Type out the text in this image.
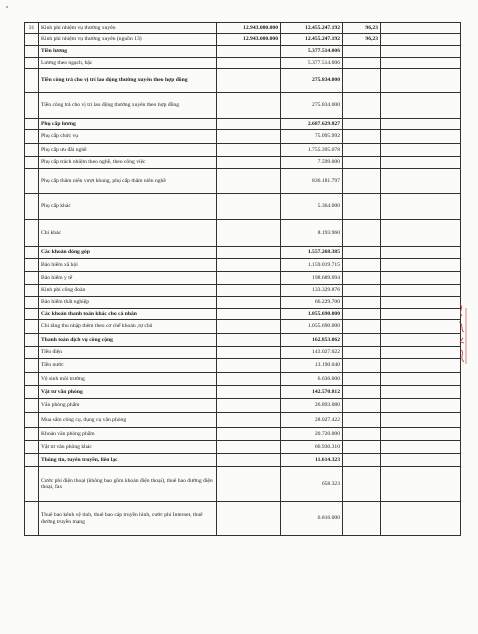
31	Kinh phí nhiệm vụ thường xuyên	12.943.000.000	12.455.247.192	96,23	
	Kinh phí nhiệm vụ thường xuyên (nguồn 13)	12.943.000.000	12.455.247.192	96,23	
	Tiền lương		5.377.514.006		
	Lương theo ngạch, bậc		5.377.514.006		
	Tiền công trả cho vị trí lao động thường xuyên theo hợp đồng		275.834.000		
	Tiền công trả cho vị trí lao động thường xuyên theo hợp đồng		275.834.000		
	Phụ cấp lương		2.687.629.827		
	Phụ cấp chức vụ		75.095.992		
	Phụ cấp ưu đãi nghề		1.755.395.078		
	Phụ cấp trách nhiệm theo nghề, theo công việc		7.599.000		
	Phụ cấp thâm niên vượt khung, phụ cấp thâm niên nghề		836.181.797		
	Phụ cấp khác		5.364.000		
	Chi khác		8.193.960		
	Các khoản đóng góp		1.557.268.385		
	Bảo hiểm xã hội		1.159.019.715		
	Bảo hiểm y tế		198.689.094		
	Kinh phí công đoàn		133.329.876		
	Bảo hiểm thất nghiệp		66.229.700		
	Các khoản thanh toán khác cho cá nhân		1.055.690.000		
	Chi tăng thu nhập thêm theo cơ chế khoán ,tự chủ		1.055.690.000		
	Thanh toán dịch vụ công cộng		162.853.062		
	Tiền điện		143.027.022		
	Tiền nước		13.190.040		
	Vệ sinh môi trường		6.636.000		
	Vật tư văn phòng		142.570.812		
	Văn phòng phẩm		26.893.080		
	Mua sắm công cụ, dụng cụ văn phòng		28.027.422		
	Khoán văn phòng phẩm		20.720.000		
	Vật tư văn phòng khác		66.930.310		
	Thông tin, tuyên truyền, liên lạc		11.614.323		
	Cước phí điện thoại (không bao gồm khoán điện thoại), thuê bao đường điện thoại, fax		658.323		
	Thuê bao kênh vệ tinh, thuê bao cáp truyền hình, cước phí Internet, thuê đường truyền mạng		6.816.000		
